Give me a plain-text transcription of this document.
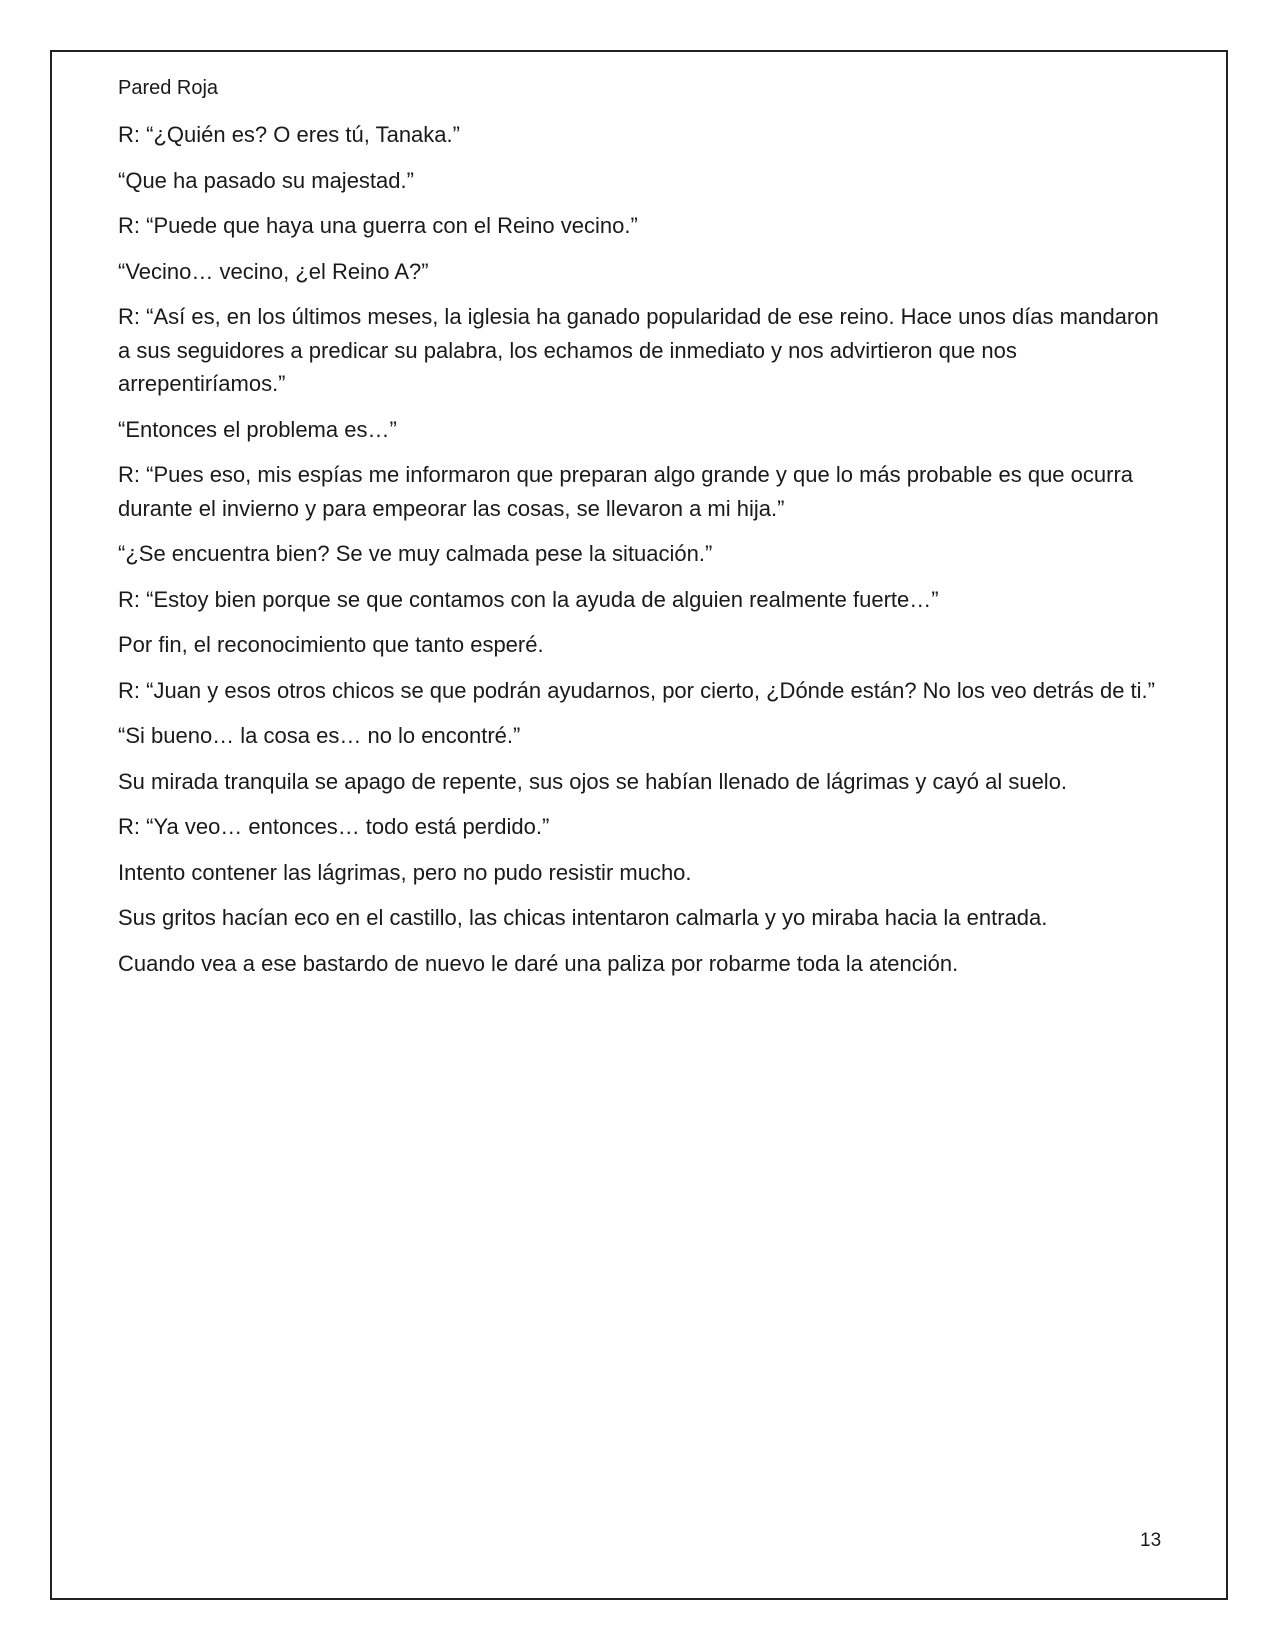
Pared Roja

R: “¿Quién es? O eres tú, Tanaka.”

“Que ha pasado su majestad.”

R: “Puede que haya una guerra con el Reino vecino.”

“Vecino… vecino, ¿el Reino A?”

R: “Así es, en los últimos meses, la iglesia ha ganado popularidad de ese reino. Hace unos días mandaron a sus seguidores a predicar su palabra, los echamos de inmediato y nos advirtieron que nos arrepentiríamos.”

“Entonces el problema es…”

R: “Pues eso, mis espías me informaron que preparan algo grande y que lo más probable es que ocurra durante el invierno y para empeorar las cosas, se llevaron a mi hija.”

“¿Se encuentra bien? Se ve muy calmada pese la situación.”

R: “Estoy bien porque se que contamos con la ayuda de alguien realmente fuerte…”

Por fin, el reconocimiento que tanto esperé.

R: “Juan y esos otros chicos se que podrán ayudarnos, por cierto, ¿Dónde están? No los veo detrás de ti.”

“Si bueno… la cosa es… no lo encontré.”

Su mirada tranquila se apago de repente, sus ojos se habían llenado de lágrimas y cayó al suelo.

R: “Ya veo… entonces… todo está perdido.”

Intento contener las lágrimas, pero no pudo resistir mucho.

Sus gritos hacían eco en el castillo, las chicas intentaron calmarla y yo miraba hacia la entrada.

Cuando vea a ese bastardo de nuevo le daré una paliza por robarme toda la atención.

13
